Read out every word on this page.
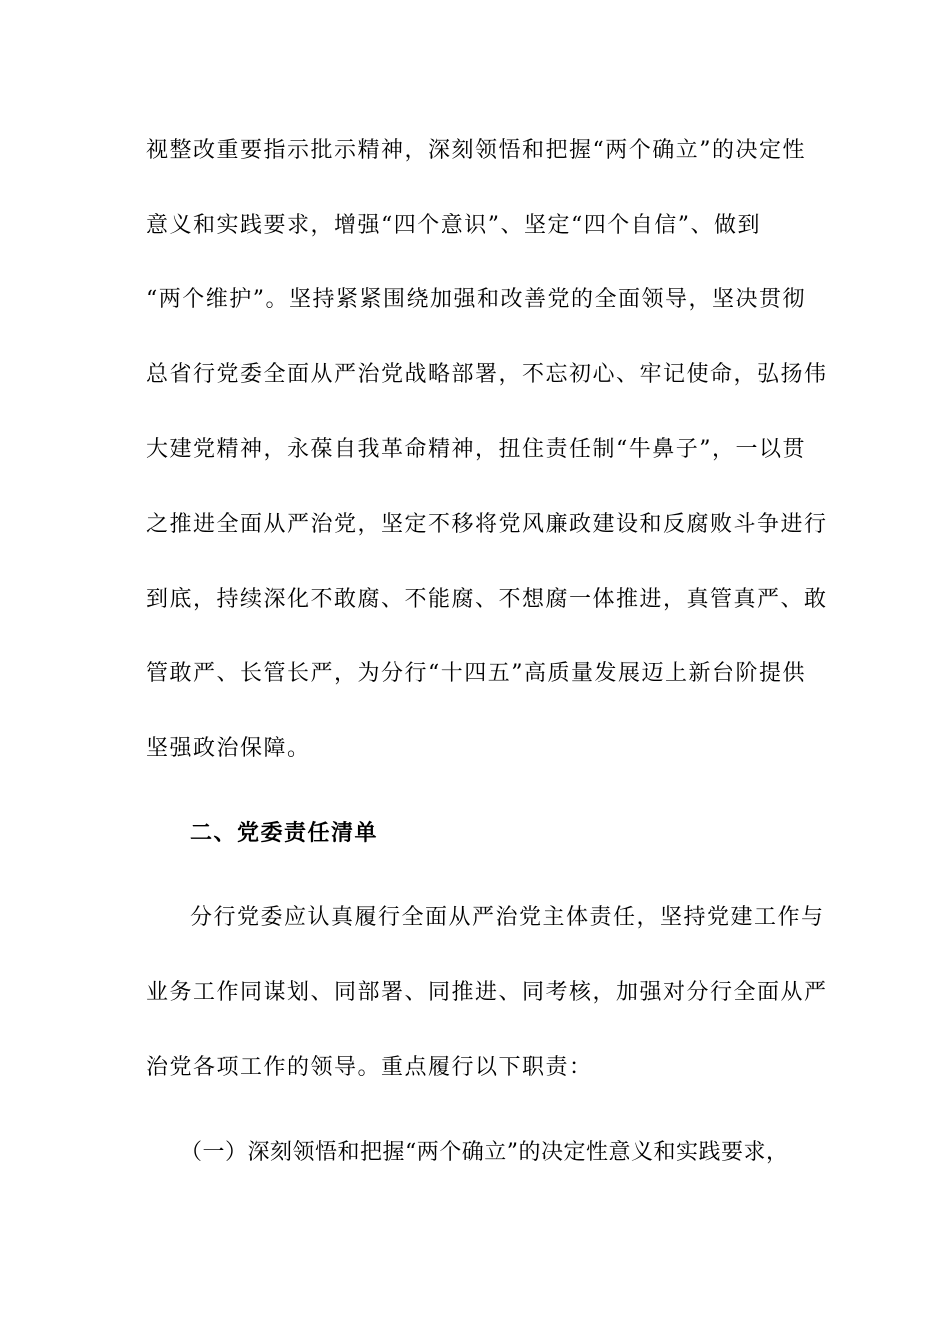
视整改重要指示批示精神，深刻领悟和把握“两个确立”的决定性
意义和实践要求，增强“四个意识”、坚定“四个自信”、做到
“两个维护”。坚持紧紧围绕加强和改善党的全面领导，坚决贯彻
总省行党委全面从严治党战略部署，不忘初心、牢记使命，弘扬伟
大建党精神，永葆自我革命精神，扭住责任制“牛鼻子”，一以贯
之推进全面从严治党，坚定不移将党风廉政建设和反腐败斗争进行
到底，持续深化不敢腐、不能腐、不想腐一体推进，真管真严、敢
管敢严、长管长严，为分行“十四五”高质量发展迈上新台阶提供
坚强政治保障。
二、党委责任清单
分行党委应认真履行全面从严治党主体责任，坚持党建工作与
业务工作同谋划、同部署、同推进、同考核，加强对分行全面从严
治党各项工作的领导。重点履行以下职责：
（一）深刻领悟和把握“两个确立”的决定性意义和实践要求，
